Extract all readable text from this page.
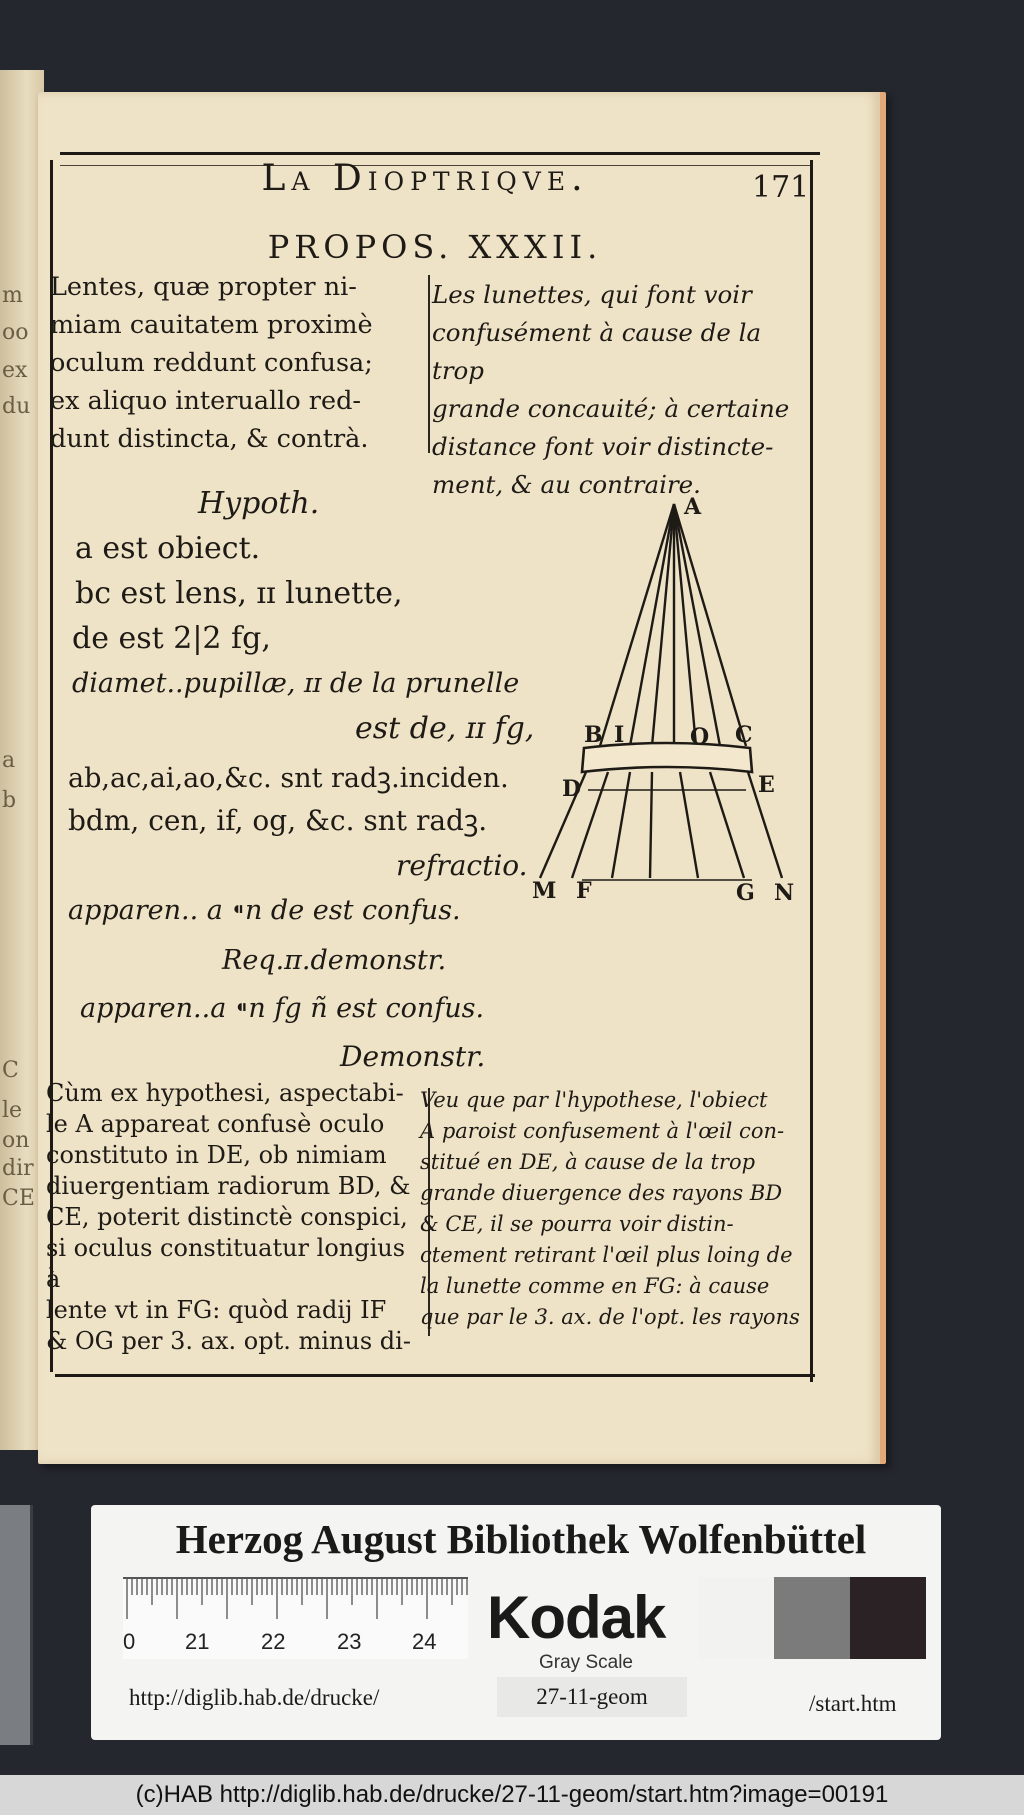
m
oo
ex
du
a
b
C
le
on
dir
CE
La Dioptriqve.	171
PROPOS. XXXII.
Lentes, quæ propter ni-
miam cauitatem proximè
oculum reddunt confusa;
ex aliquo interuallo red-
dunt distincta, & contrà.
Les lunettes, qui font voir
confusément à cause de la trop
grande concauité; à certaine
distance font voir distincte-
ment, & au contraire.
Hypoth.
a est obiect.
bc est lens, ɪɪ lunette,
de est 2|2 fg,
diamet..pupillæ, ɪɪ de la prunelle
est de, ɪɪ fg,
ab,ac,ai,ao,&c. snt radꝫ.inciden.
bdm, cen, if, og, &c. snt radꝫ.
refractio.
apparen.. a ⁌n de est confus.
Req.π.demonstr.
apparen..a ⁌n fg ñ est confus.
Demonstr.
A
B I	O C
D	E
M F	G N
Cùm ex hypothesi, aspectabi-
le A appareat confusè oculo
constituto in DE, ob nimiam
diuergentiam radiorum BD, &
CE, poterit distinctè conspici,
si oculus constituatur longius à
lente vt in FG: quòd radij IF
& OG per 3. ax. opt. minus di-
Veu que par l'hypothese, l'obiect
A paroist confusement à l'œil con-
stitué en DE, à cause de la trop
grande diuergence des rayons BD
& CE, il se pourra voir distin-
ctement retirant l'œil plus loing de
la lunette comme en FG: à cause
que par le 3. ax. de l'opt. les rayons
Herzog August Bibliothek Wolfenbüttel
0 21 22 23 24 Kodak
Gray Scale
http://diglib.hab.de/drucke/	27-11-geom	/start.htm
(c)HAB http://diglib.hab.de/drucke/27-11-geom/start.htm?image=00191
